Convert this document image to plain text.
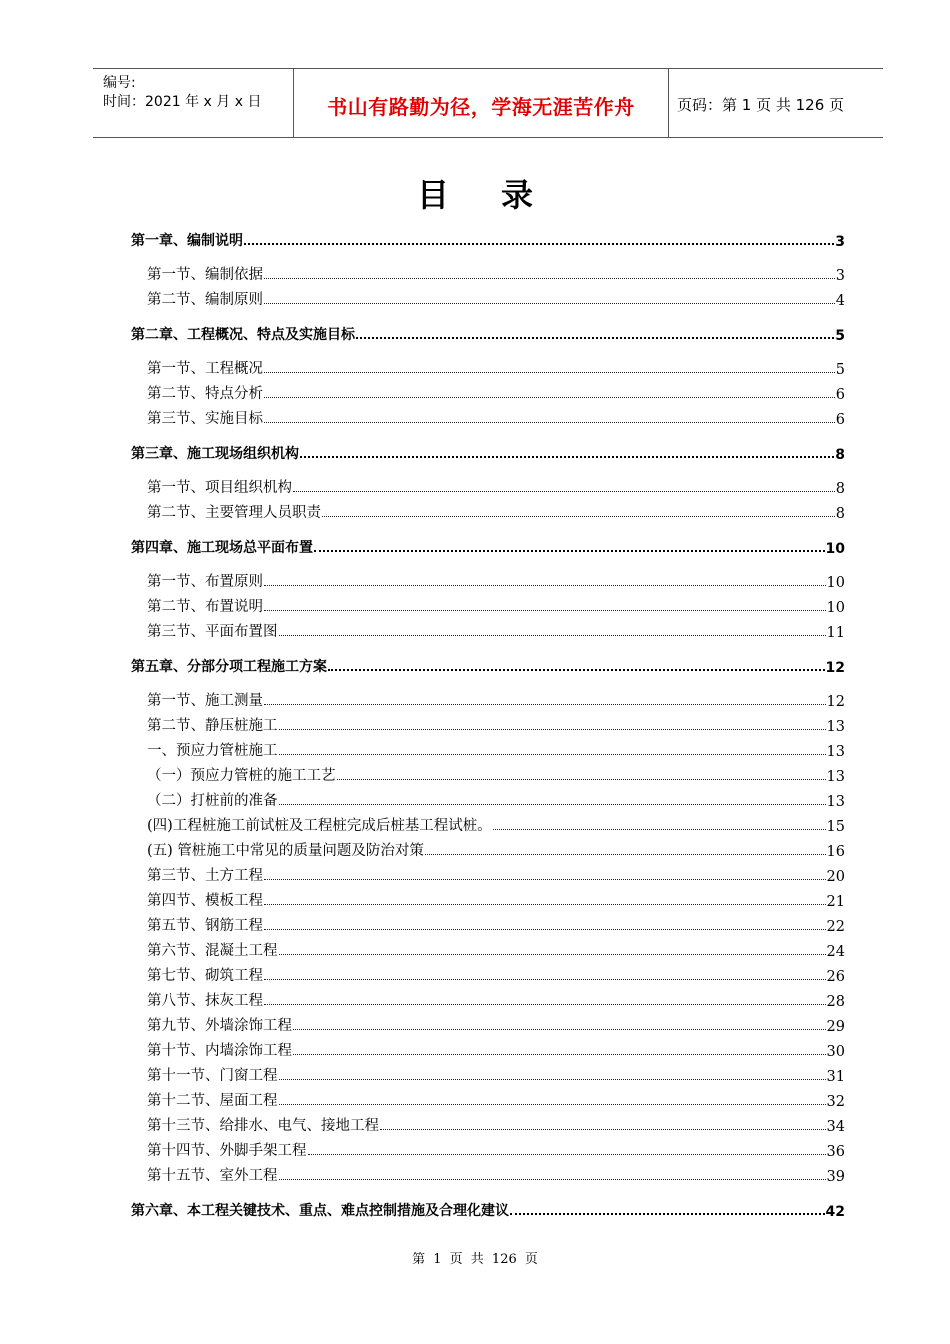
编号:
时间：2021 年 x 月 x 日	书山有路勤为径，学海无涯苦作舟	页码：第 1 页 共 126 页
目录
第一章、编制说明	3
第一节、编制依据	3
第二节、编制原则	4
第二章、工程概况、特点及实施目标	5
第一节、工程概况	5
第二节、特点分析	6
第三节、实施目标	6
第三章、施工现场组织机构	8
第一节、项目组织机构	8
第二节、主要管理人员职责	8
第四章、施工现场总平面布置	10
第一节、布置原则	10
第二节、布置说明	10
第三节、平面布置图	11
第五章、分部分项工程施工方案	12
第一节、施工测量	12
第二节、静压桩施工	13
一、预应力管桩施工	13
（一）预应力管桩的施工工艺	13
（二）打桩前的准备	13
(四)工程桩施工前试桩及工程桩完成后桩基工程试桩。	15
(五) 管桩施工中常见的质量问题及防治对策	16
第三节、土方工程	20
第四节、模板工程	21
第五节、钢筋工程	22
第六节、混凝土工程	24
第七节、砌筑工程	26
第八节、抹灰工程	28
第九节、外墙涂饰工程	29
第十节、内墙涂饰工程	30
第十一节、门窗工程	31
第十二节、屋面工程	32
第十三节、给排水、电气、接地工程	34
第十四节、外脚手架工程	36
第十五节、室外工程	39
第六章、本工程关键技术、重点、难点控制措施及合理化建议	42
第 1 页 共 126 页
